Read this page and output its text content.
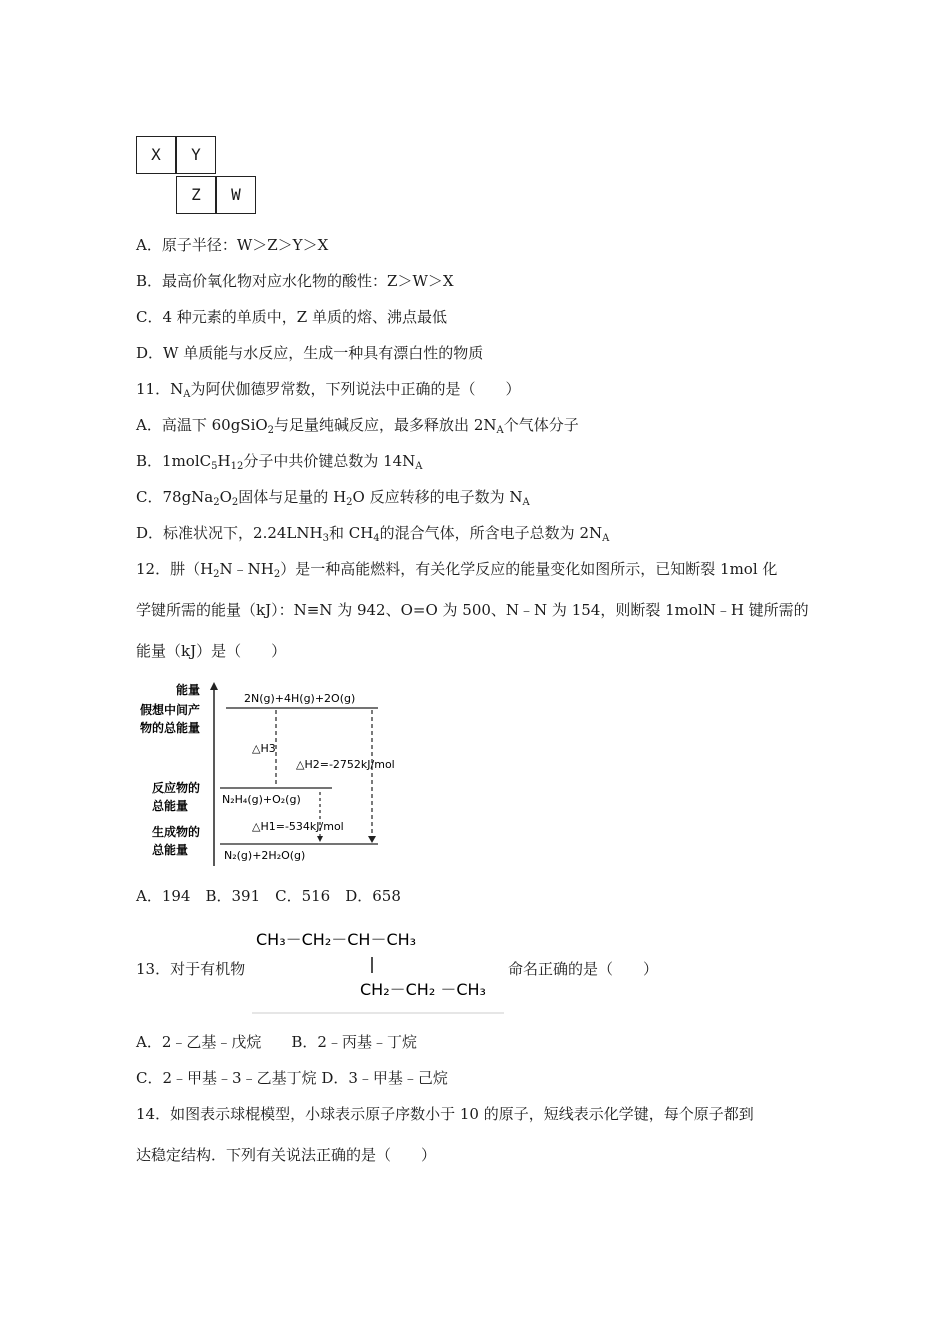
X	Y
Z	W
A．原子半径：W＞Z＞Y＞X
B．最高价氧化物对应水化物的酸性：Z＞W＞X
C．4 种元素的单质中，Z 单质的熔、沸点最低
D．W 单质能与水反应，生成一种具有漂白性的物质
11．$N_A$为阿伏伽德罗常数，下列说法中正确的是（　　）
A．高温下 60gSiO$_2$与足量纯碱反应，最多释放出 $2N_A$个气体分子
B．$1molC_5H_{12}$分子中共价键总数为 $14N_A$
C．$78gNa_2O_2$固体与足量的 $H_2O$ 反应转移的电子数为 $N_A$
D．标准状况下，$2.24LNH_3$和 $CH_4$的混合气体，所含电子总数为 $2N_A$
12．肼$(H_2N﹣NH_2)$是一种高能燃料，有关化学反应的能量变化如图所示，已知断裂 1mol 化
学键所需的能量（kJ）：N≡N 为 942、O=O 为 500、N﹣N 为 154，则断裂 1molN﹣H 键所需的
能量（kJ）是（　　）
能量
假想中间产
物的总能量
反应物的
总能量
生成物的
总能量
2N(g)+4H(g)+2O(g)
N₂H₄(g)+O₂(g)
N₂(g)+2H₂O(g)
△H3
△H2=-2752kJ/mol
△H1=-534kJ/mol
A．194　B．391　C．516　D．658
13．对于有机物
CH₃－CH₂－CH－CH₃
CH₂－CH₂ －CH₃
命名正确的是（　　）
A．2﹣乙基﹣戊烷　　B．2﹣丙基﹣丁烷
C．2﹣甲基﹣3﹣乙基丁烷 D．3﹣甲基﹣己烷
14．如图表示球棍模型，小球表示原子序数小于 10 的原子，短线表示化学键，每个原子都到
达稳定结构．下列有关说法正确的是（　　）
